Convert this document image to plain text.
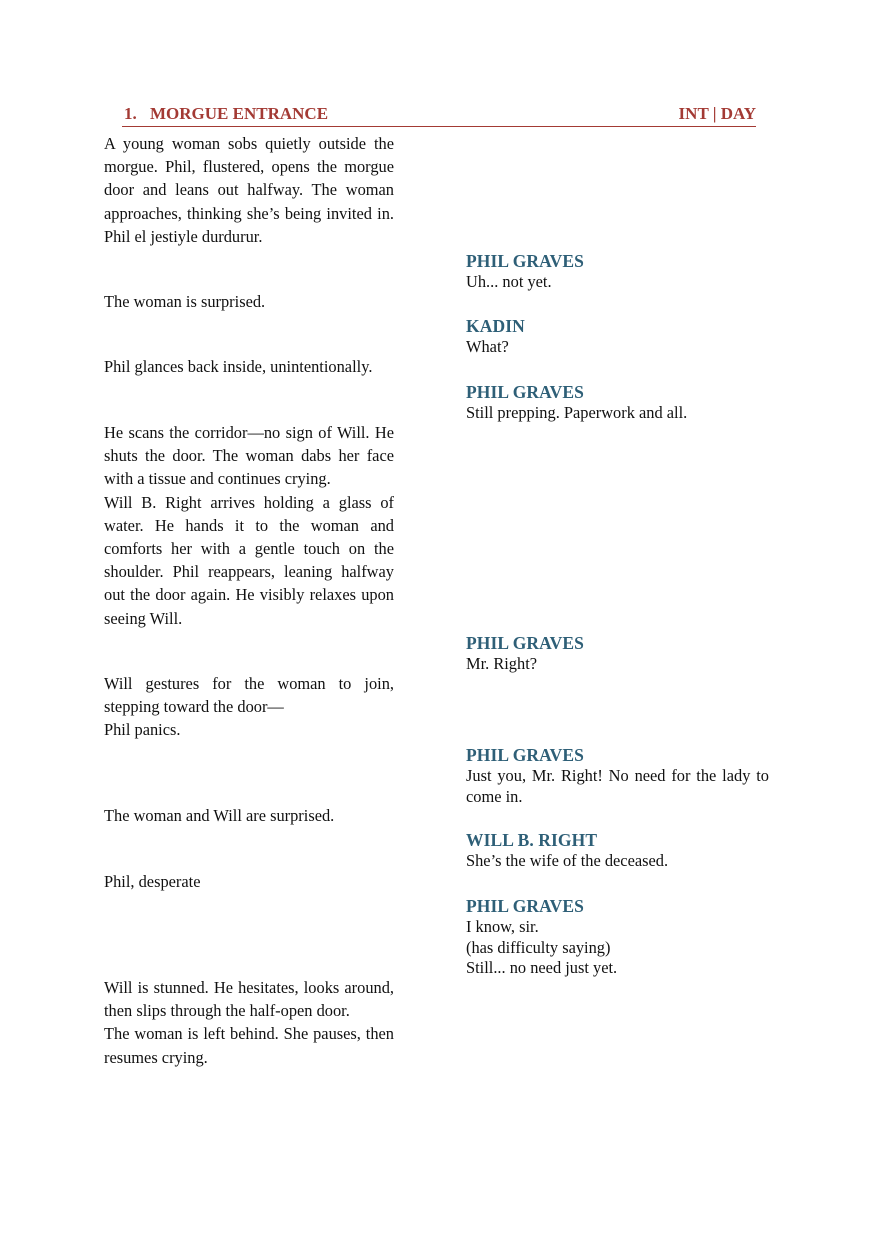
1. MORGUE ENTRANCE	INT | DAY

A young woman sobs quietly outside the morgue. Phil, flustered, opens the morgue door and leans out halfway. The woman approaches, thinking she’s being invited in. Phil el jestiyle durdurur.

The woman is surprised.

Phil glances back inside, unintentionally.

He scans the corridor—no sign of Will. He shuts the door. The woman dabs her face with a tissue and continues crying.

Will B. Right arrives holding a glass of water. He hands it to the woman and comforts her with a gentle touch on the shoulder. Phil reappears, leaning halfway out the door again. He visibly relaxes upon seeing Will.

Will gestures for the woman to join, stepping toward the door—

Phil panics.

The woman and Will are surprised.

Phil, desperate

Will is stunned. He hesitates, looks around, then slips through the half-open door.

The woman is left behind. She pauses, then resumes crying.

PHIL GRAVES
Uh... not yet.
KADIN
What?
PHIL GRAVES
Still prepping. Paperwork and all.
PHIL GRAVES
Mr. Right?
PHIL GRAVES
Just you, Mr. Right! No need for the lady to come in.
WILL B. RIGHT
She’s the wife of the deceased.
PHIL GRAVES
I know, sir.
(has difficulty saying)
Still... no need just yet.
